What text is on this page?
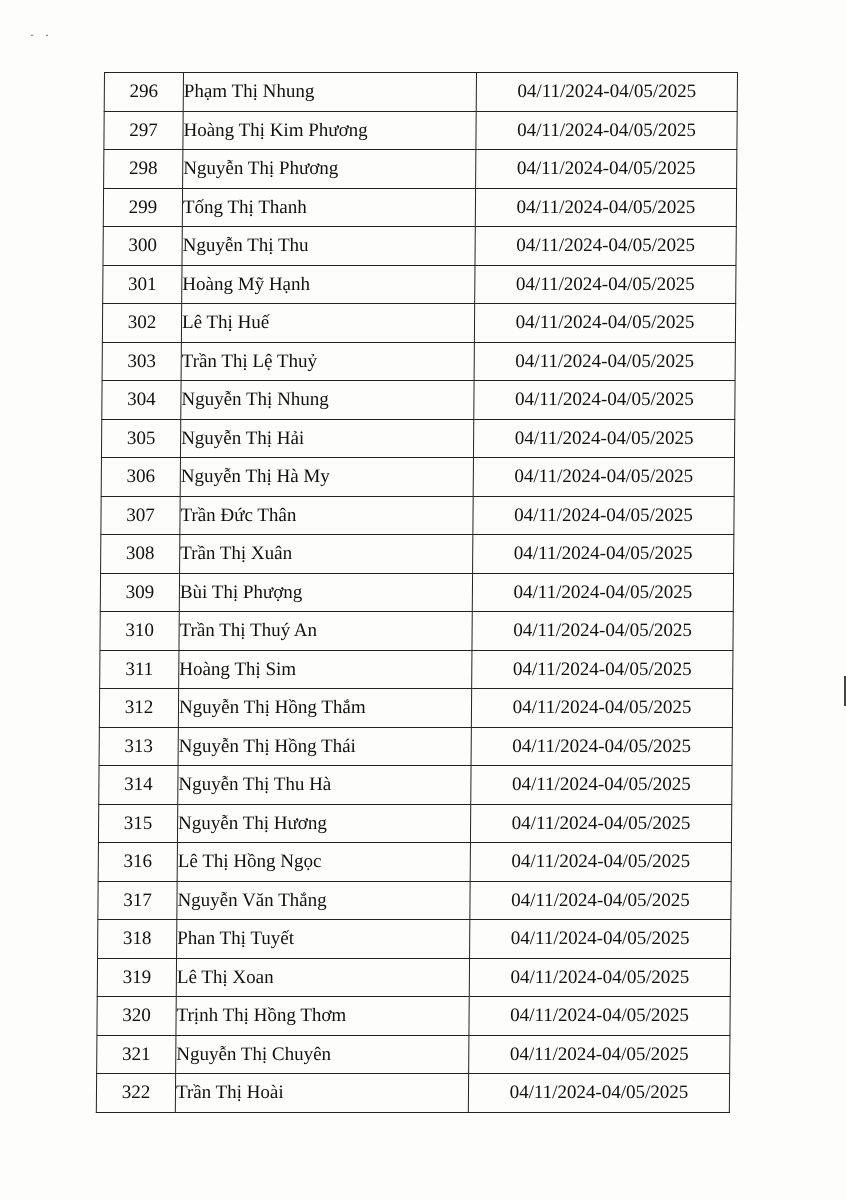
· ·
296	Phạm Thị Nhung	04/11/2024-04/05/2025
297	Hoàng Thị Kim Phương	04/11/2024-04/05/2025
298	Nguyễn Thị Phương	04/11/2024-04/05/2025
299	Tống Thị Thanh	04/11/2024-04/05/2025
300	Nguyễn Thị Thu	04/11/2024-04/05/2025
301	Hoàng Mỹ Hạnh	04/11/2024-04/05/2025
302	Lê Thị Huế	04/11/2024-04/05/2025
303	Trần Thị Lệ Thuỷ	04/11/2024-04/05/2025
304	Nguyễn Thị Nhung	04/11/2024-04/05/2025
305	Nguyễn Thị Hải	04/11/2024-04/05/2025
306	Nguyễn Thị Hà My	04/11/2024-04/05/2025
307	Trần Đức Thân	04/11/2024-04/05/2025
308	Trần Thị Xuân	04/11/2024-04/05/2025
309	Bùi Thị Phượng	04/11/2024-04/05/2025
310	Trần Thị Thuý An	04/11/2024-04/05/2025
311	Hoàng Thị Sim	04/11/2024-04/05/2025
312	Nguyễn Thị Hồng Thắm	04/11/2024-04/05/2025
313	Nguyễn Thị Hồng Thái	04/11/2024-04/05/2025
314	Nguyễn Thị Thu Hà	04/11/2024-04/05/2025
315	Nguyễn Thị Hương	04/11/2024-04/05/2025
316	Lê Thị Hồng Ngọc	04/11/2024-04/05/2025
317	Nguyễn Văn Thắng	04/11/2024-04/05/2025
318	Phan Thị Tuyết	04/11/2024-04/05/2025
319	Lê Thị Xoan	04/11/2024-04/05/2025
320	Trịnh Thị Hồng Thơm	04/11/2024-04/05/2025
321	Nguyễn Thị Chuyên	04/11/2024-04/05/2025
322	Trần Thị Hoài	04/11/2024-04/05/2025
